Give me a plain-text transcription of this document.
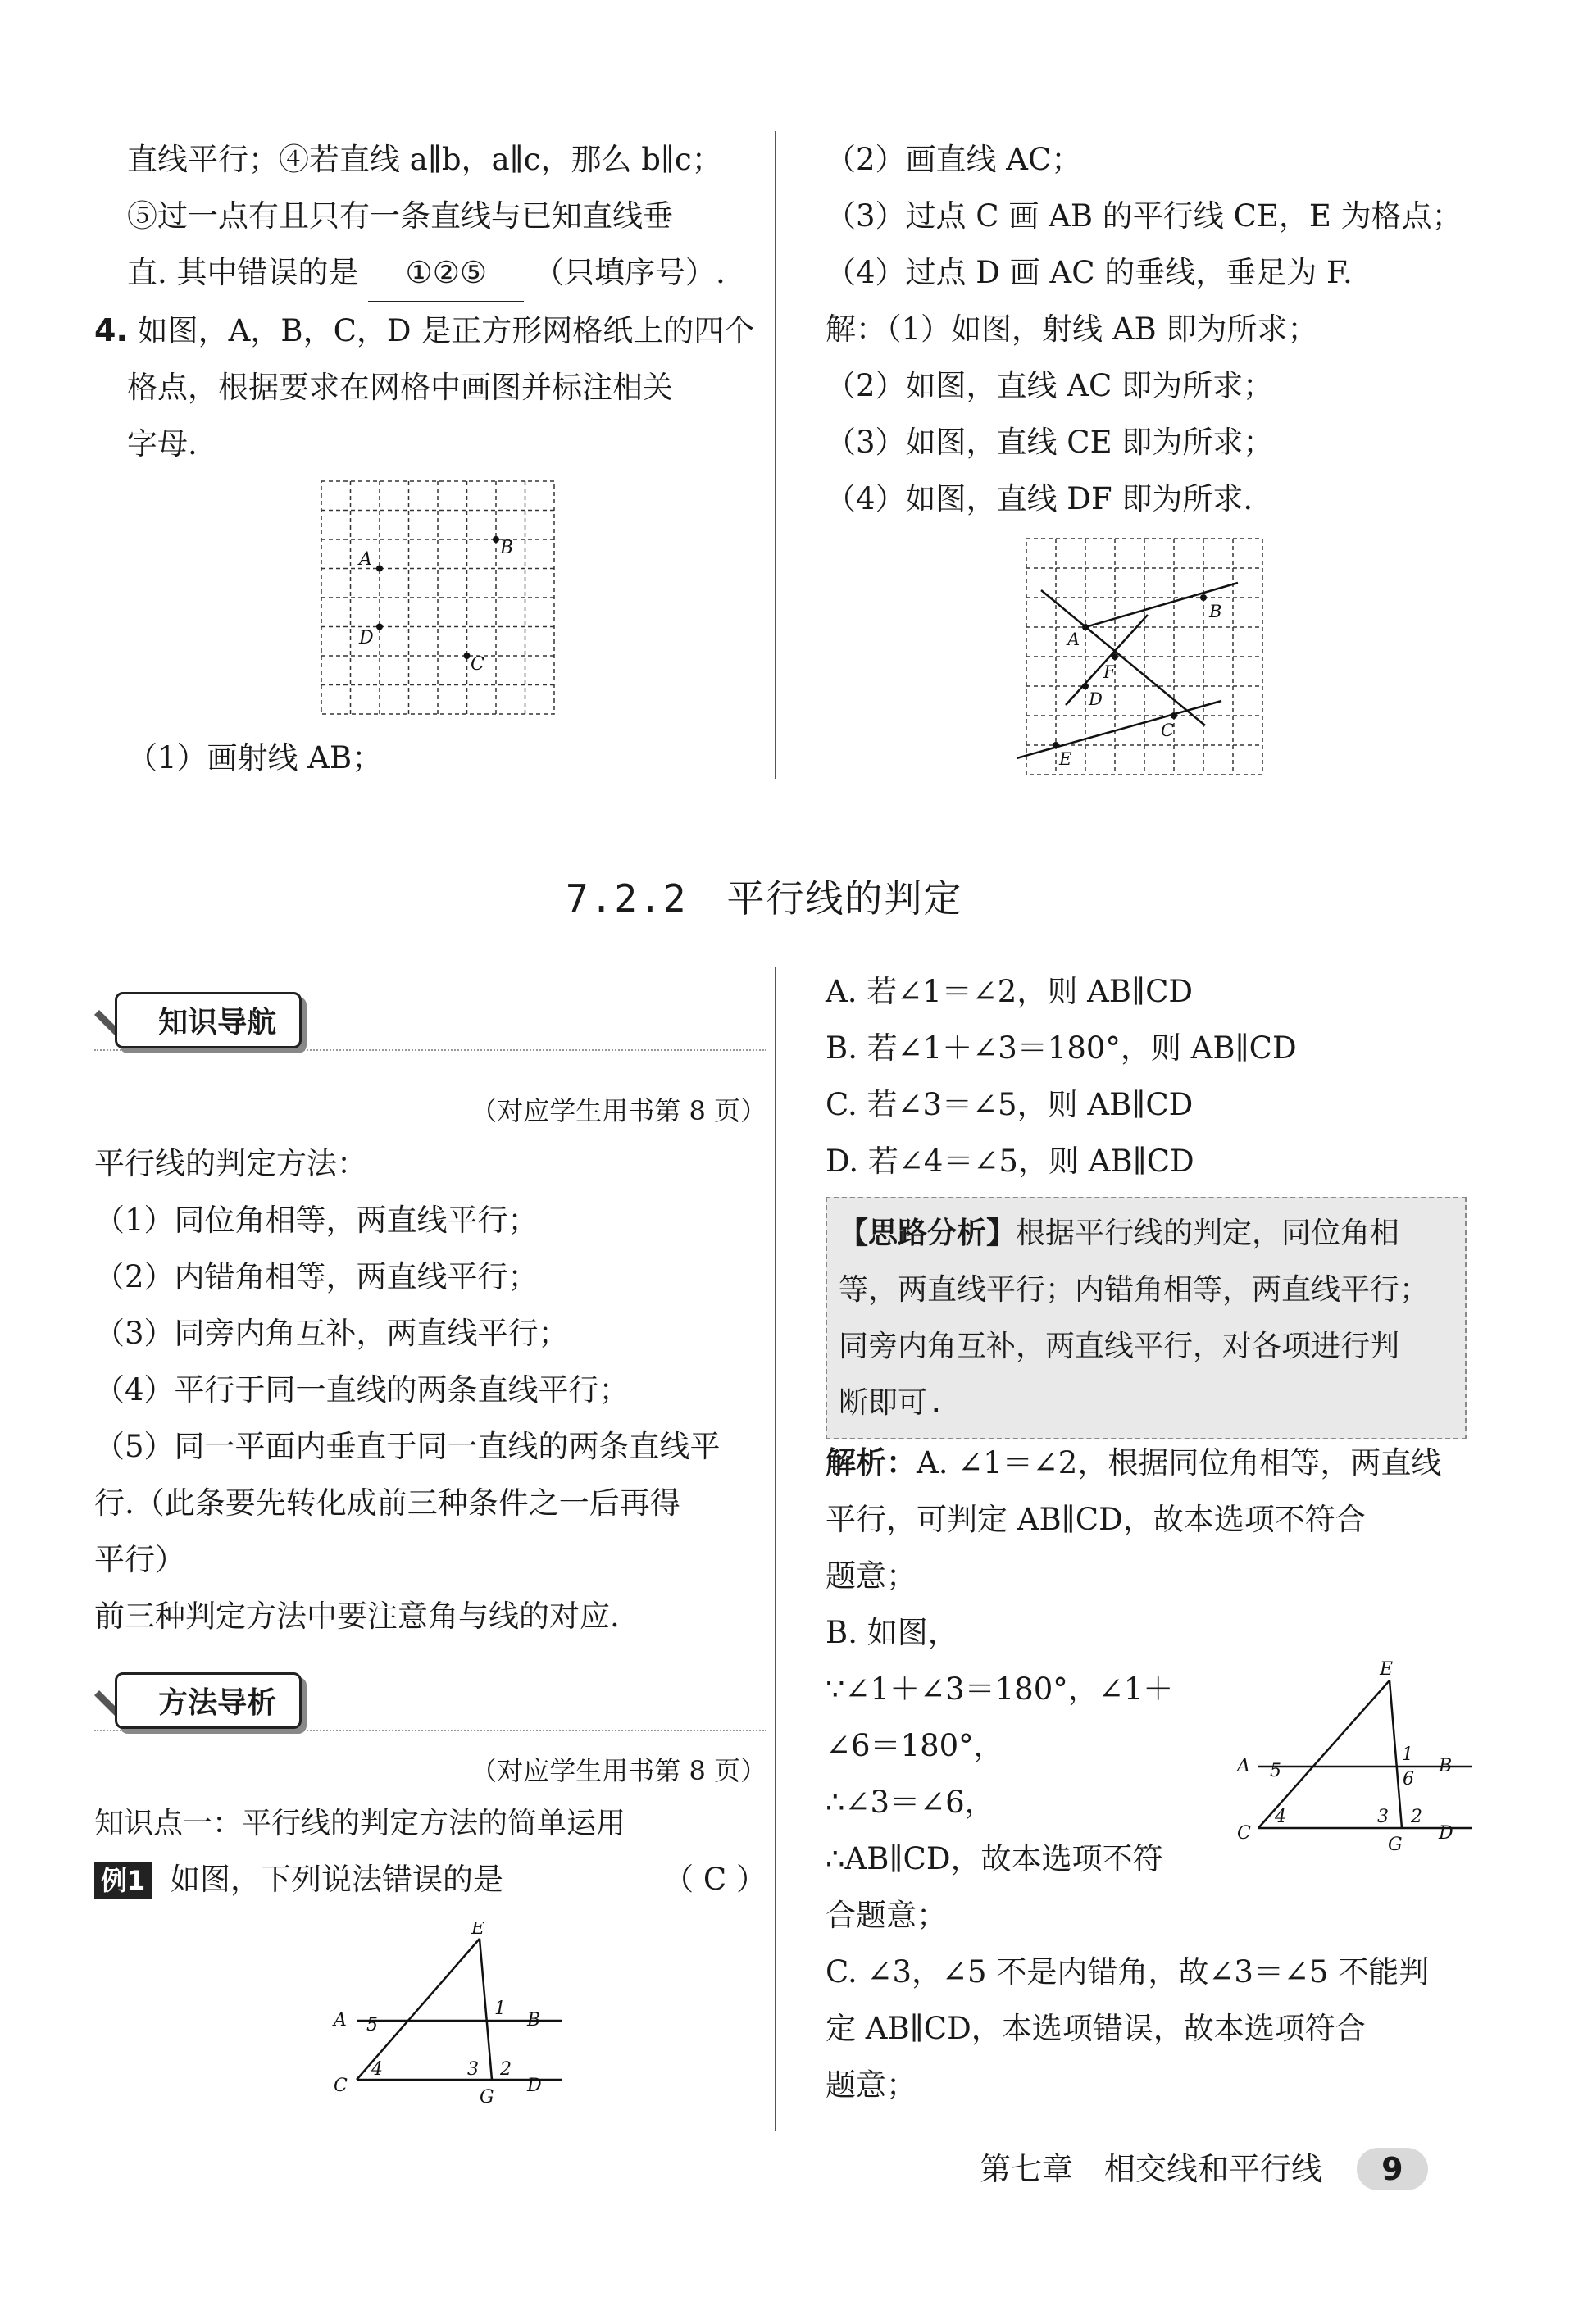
直线平行；④若直线 a∥b，a∥c，那么 b∥c；
⑤过一点有且只有一条直线与已知直线垂
直. 其中错误的是 ①②⑤ （只填序号）.
4. 如图，A，B，C，D 是正方形网格纸上的四个
格点，根据要求在网格中画图并标注相关
字母.
A
B
C
D
（1）画射线 AB；
（2）画直线 AC；
（3）过点 C 画 AB 的平行线 CE，E 为格点；
（4）过点 D 画 AC 的垂线，垂足为 F.
解：（1）如图，射线 AB 即为所求；
（2）如图，直线 AC 即为所求；
（3）如图，直线 CE 即为所求；
（4）如图，直线 DF 即为所求.
A
B
C
D
E
F
7.2.2　平行线的判定
知识导航
（对应学生用书第 8 页）
平行线的判定方法：
（1）同位角相等，两直线平行；
（2）内错角相等，两直线平行；
（3）同旁内角互补，两直线平行；
（4）平行于同一直线的两条直线平行；
（5）同一平面内垂直于同一直线的两条直线平
行.（此条要先转化成前三种条件之一后再得
平行）
前三种判定方法中要注意角与线的对应.
方法导析
（对应学生用书第 8 页）
知识点一：平行线的判定方法的简单运用
例1 如图，下列说法错误的是	（ C ）
A	B
C	D
E
G
1
2
3
4
5
A. 若∠1＝∠2，则 AB∥CD
B. 若∠1＋∠3＝180°，则 AB∥CD
C. 若∠3＝∠5，则 AB∥CD
D. 若∠4＝∠5，则 AB∥CD
【思路分析】根据平行线的判定，同位角相
等，两直线平行；内错角相等，两直线平行；
同旁内角互补，两直线平行，对各项进行判
断即可.
解析：A. ∠1＝∠2，根据同位角相等，两直线
平行，可判定 AB∥CD，故本选项不符合
题意；
B. 如图，
∵∠1＋∠3＝180°，∠1＋
∠6＝180°，
∴∠3＝∠6，
∴AB∥CD，故本选项不符
合题意；
C. ∠3，∠5 不是内错角，故∠3＝∠5 不能判
定 AB∥CD，本选项错误，故本选项符合
题意；
A	B
C	D
E
G
1
2
3
4
5	6
第七章　相交线和平行线 9
